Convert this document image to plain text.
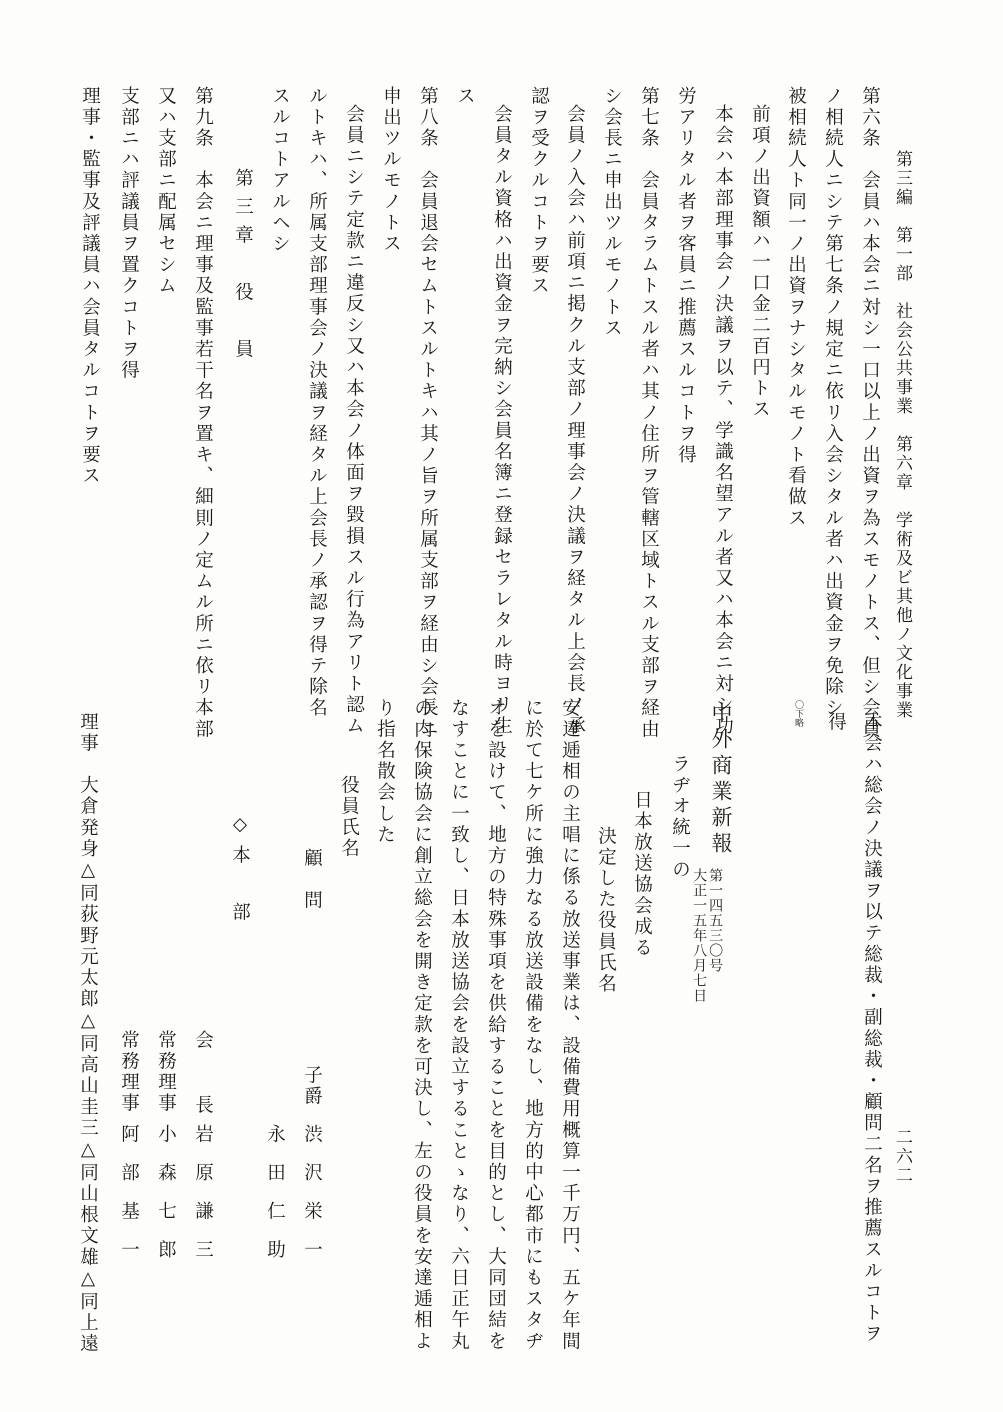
第三編　第一部　社会公共事業　第六章　学術及ビ其他ノ文化事業
二六二
第六条　会員ハ本会ニ対シ一口以上ノ出資ヲ為スモノトス、但シ会員
ノ相続人ニシテ第七条ノ規定ニ依リ入会シタル者ハ出資金ヲ免除シ
被相続人ト同一ノ出資ヲナシタルモノト看做ス
前項ノ出資額ハ一口金二百円トス
本会ハ本部理事会ノ決議ヲ以テ、学識名望アル者又ハ本会ニ対シ功
労アリタル者ヲ客員ニ推薦スルコトヲ得
第七条　会員タラムトスル者ハ其ノ住所ヲ管轄区域トスル支部ヲ経由
シ会長ニ申出ツルモノトス
会員ノ入会ハ前項ニ掲クル支部ノ理事会ノ決議ヲ経タル上会長ノ承
認ヲ受クルコトヲ要ス
会員タル資格ハ出資金ヲ完納シ会員名簿ニ登録セラレタル時ヨリ生
ス
第八条　会員退会セムトスルトキハ其ノ旨ヲ所属支部ヲ経由シ会長ニ
申出ツルモノトス
会員ニシテ定款ニ違反シ又ハ本会ノ体面ヲ毀損スル行為アリト認ム
ルトキハ、所属支部理事会ノ決議ヲ経タル上会長ノ承認ヲ得テ除名
スルコトアルヘシ
第三章　役　員
第九条　本会ニ理事及監事若干名ヲ置キ、細則ノ定ムル所ニ依リ本部
又ハ支部ニ配属セシム
支部ニハ評議員ヲ置クコトヲ得
理事・監事及評議員ハ会員タルコトヲ要ス
本会ハ総会ノ決議ヲ以テ総裁・副総裁・顧問二名ヲ推薦スルコトヲ
得
〇下略
中外商業新報
第一四五三〇号
大正一五年八月七日
ラヂオ統一の
日本放送協会成る
決定した役員氏名
安達逓相の主唱に係る放送事業は、設備費用概算一千万円、五ケ年間
に於て七ケ所に強力なる放送設備をなし、地方的中心都市にもスタヂ
オを設けて、地方の特殊事項を供給することを目的とし、大同団結を
なすことに一致し、日本放送協会を設立することゝなり、六日正午丸
の内保険協会に創立総会を開き定款を可決し、左の役員を安達逓相よ
り指名散会した
役員氏名
顧　問
子爵
渋沢栄一
永田仁助
◇本　部
会　長
岩原謙三
常務理事
小森七郎
常務理事
阿部基一
理事　大倉発身△同荻野元太郎△同高山圭三△同山根文雄△同上遠
